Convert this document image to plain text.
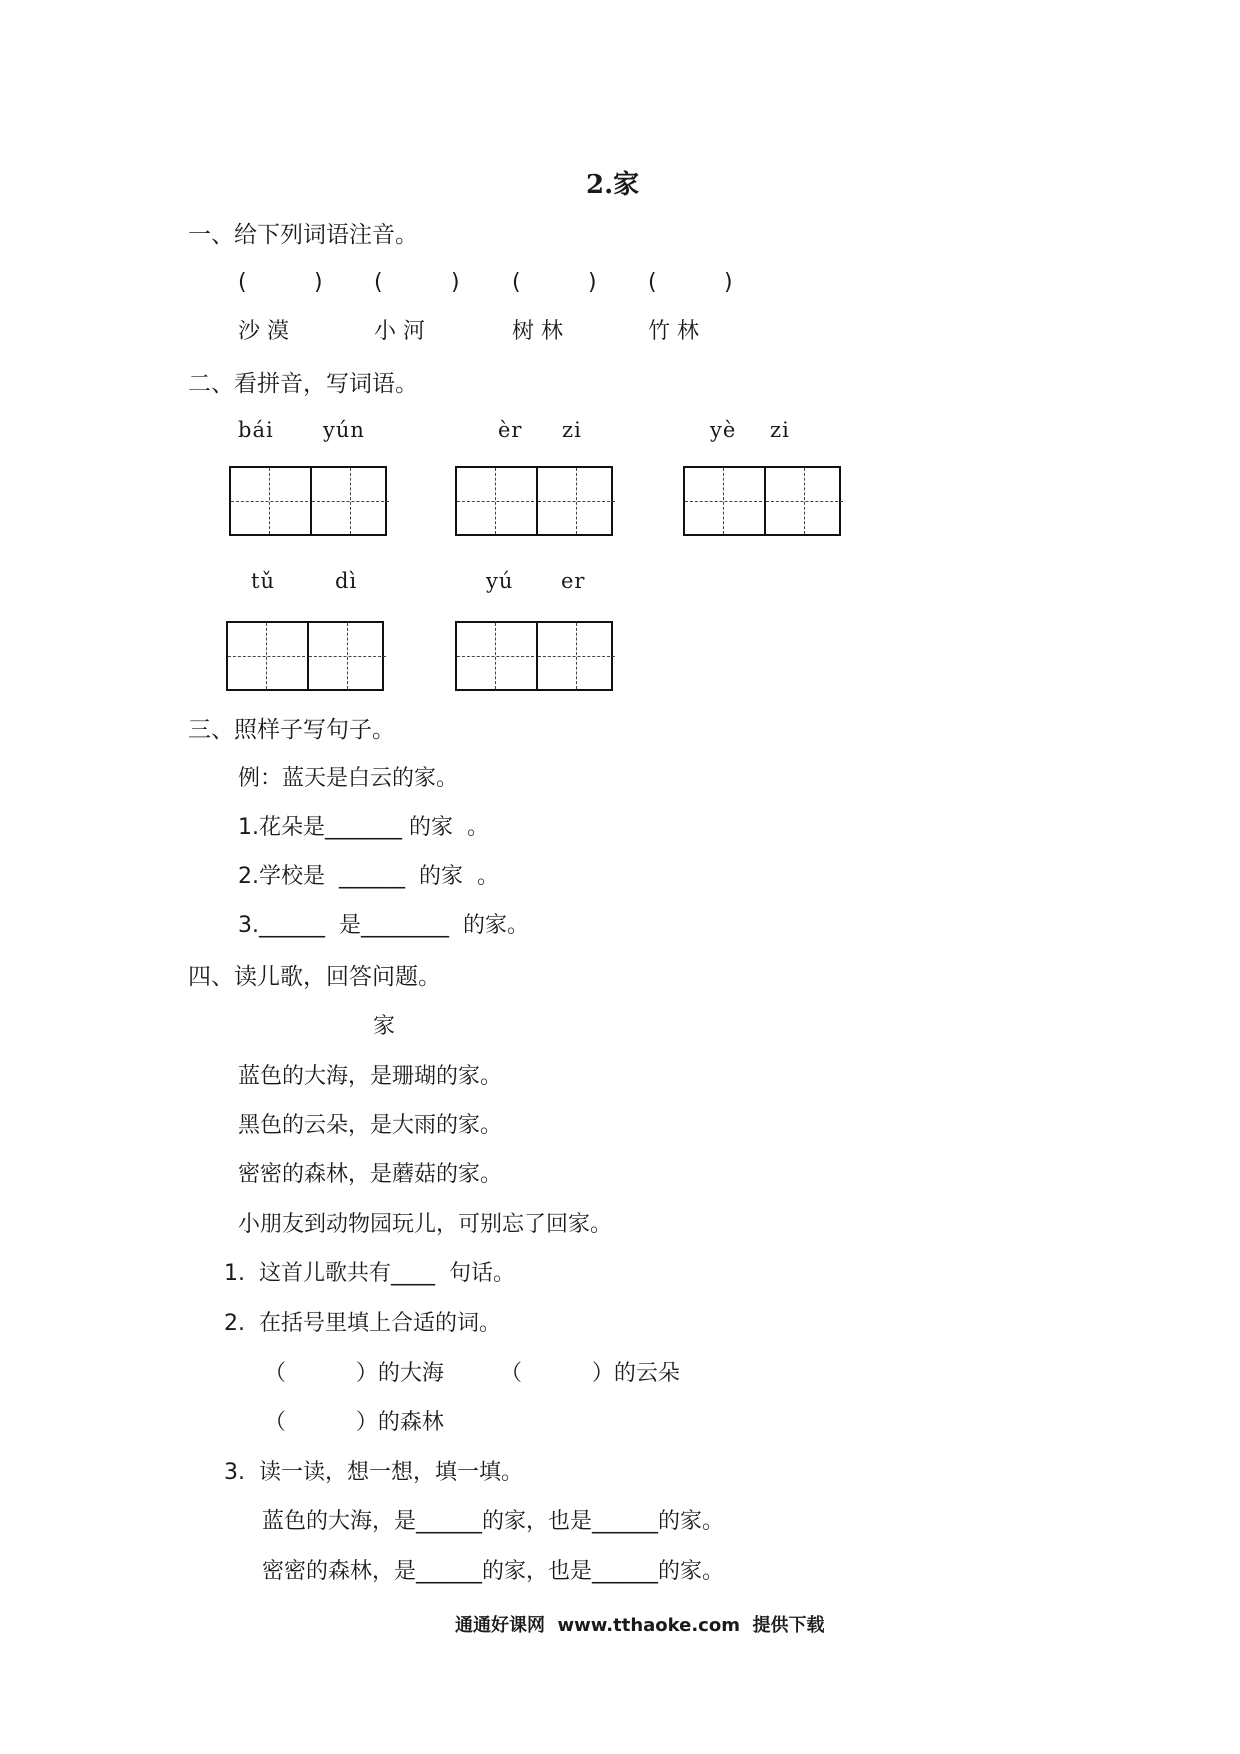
2.家
一、给下列词语注音。
(	) (	) (	) (	)
沙 漠	小 河	树 林	竹 林
二、看拼音，写词语。
bái yún	èr zi	yè zi
tǔ	dì	yú er
三、照样子写句子。
例：蓝天是白云的家。
1.花朵是_______ 的家  。
2.学校是  ______  的家  。
3.______  是________  的家。
四、读儿歌，回答问题。
家
蓝色的大海，是珊瑚的家。
黑色的云朵，是大雨的家。
密密的森林，是蘑菇的家。
小朋友到动物园玩儿，可别忘了回家。
1.  这首儿歌共有____  句话。
2.  在括号里填上合适的词。
（          ）的大海	（          ）的云朵
（          ）的森林
3.  读一读，想一想，填一填。
蓝色的大海，是______的家，也是______的家。
密密的森林，是______的家，也是______的家。
通通好课网  www.tthaoke.com  提供下载
